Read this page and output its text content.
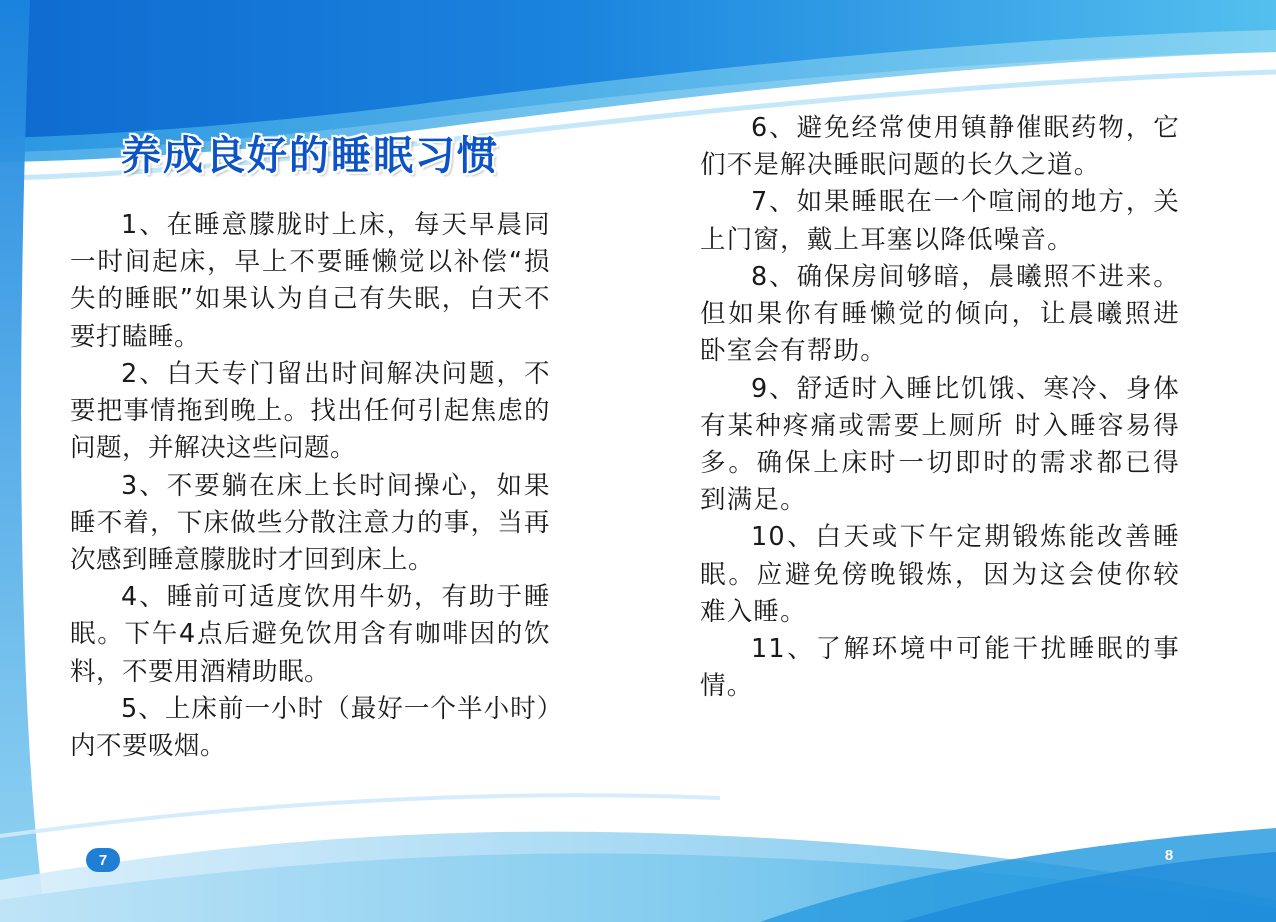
养成良好的睡眠习惯

1、在睡意朦胧时上床，每天早晨同一时间起床，早上不要睡懒觉以补偿“损失的睡眠”如果认为自己有失眠，白天不要打瞌睡。

2、白天专门留出时间解决问题，不要把事情拖到晚上。找出任何引起焦虑的问题，并解决这些问题。

3、不要躺在床上长时间操心，如果睡不着，下床做些分散注意力的事，当再次感到睡意朦胧时才回到床上。

4、睡前可适度饮用牛奶，有助于睡眠。下午4点后避免饮用含有咖啡因的饮料，不要用酒精助眠。

5、上床前一小时（最好一个半小时）内不要吸烟。

6、避免经常使用镇静催眠药物，它们不是解决睡眠问题的长久之道。

7、如果睡眠在一个喧闹的地方，关上门窗，戴上耳塞以降低噪音。

8、确保房间够暗，晨曦照不进来。但如果你有睡懒觉的倾向，让晨曦照进卧室会有帮助。

9、舒适时入睡比饥饿、寒冷、身体有某种疼痛或需要上厕所 时入睡容易得多。确保上床时一切即时的需求都已得到满足。

10、白天或下午定期锻炼能改善睡眠。应避免傍晚锻炼，因为这会使你较难入睡。

11、了解环境中可能干扰睡眠的事情。

7	8
